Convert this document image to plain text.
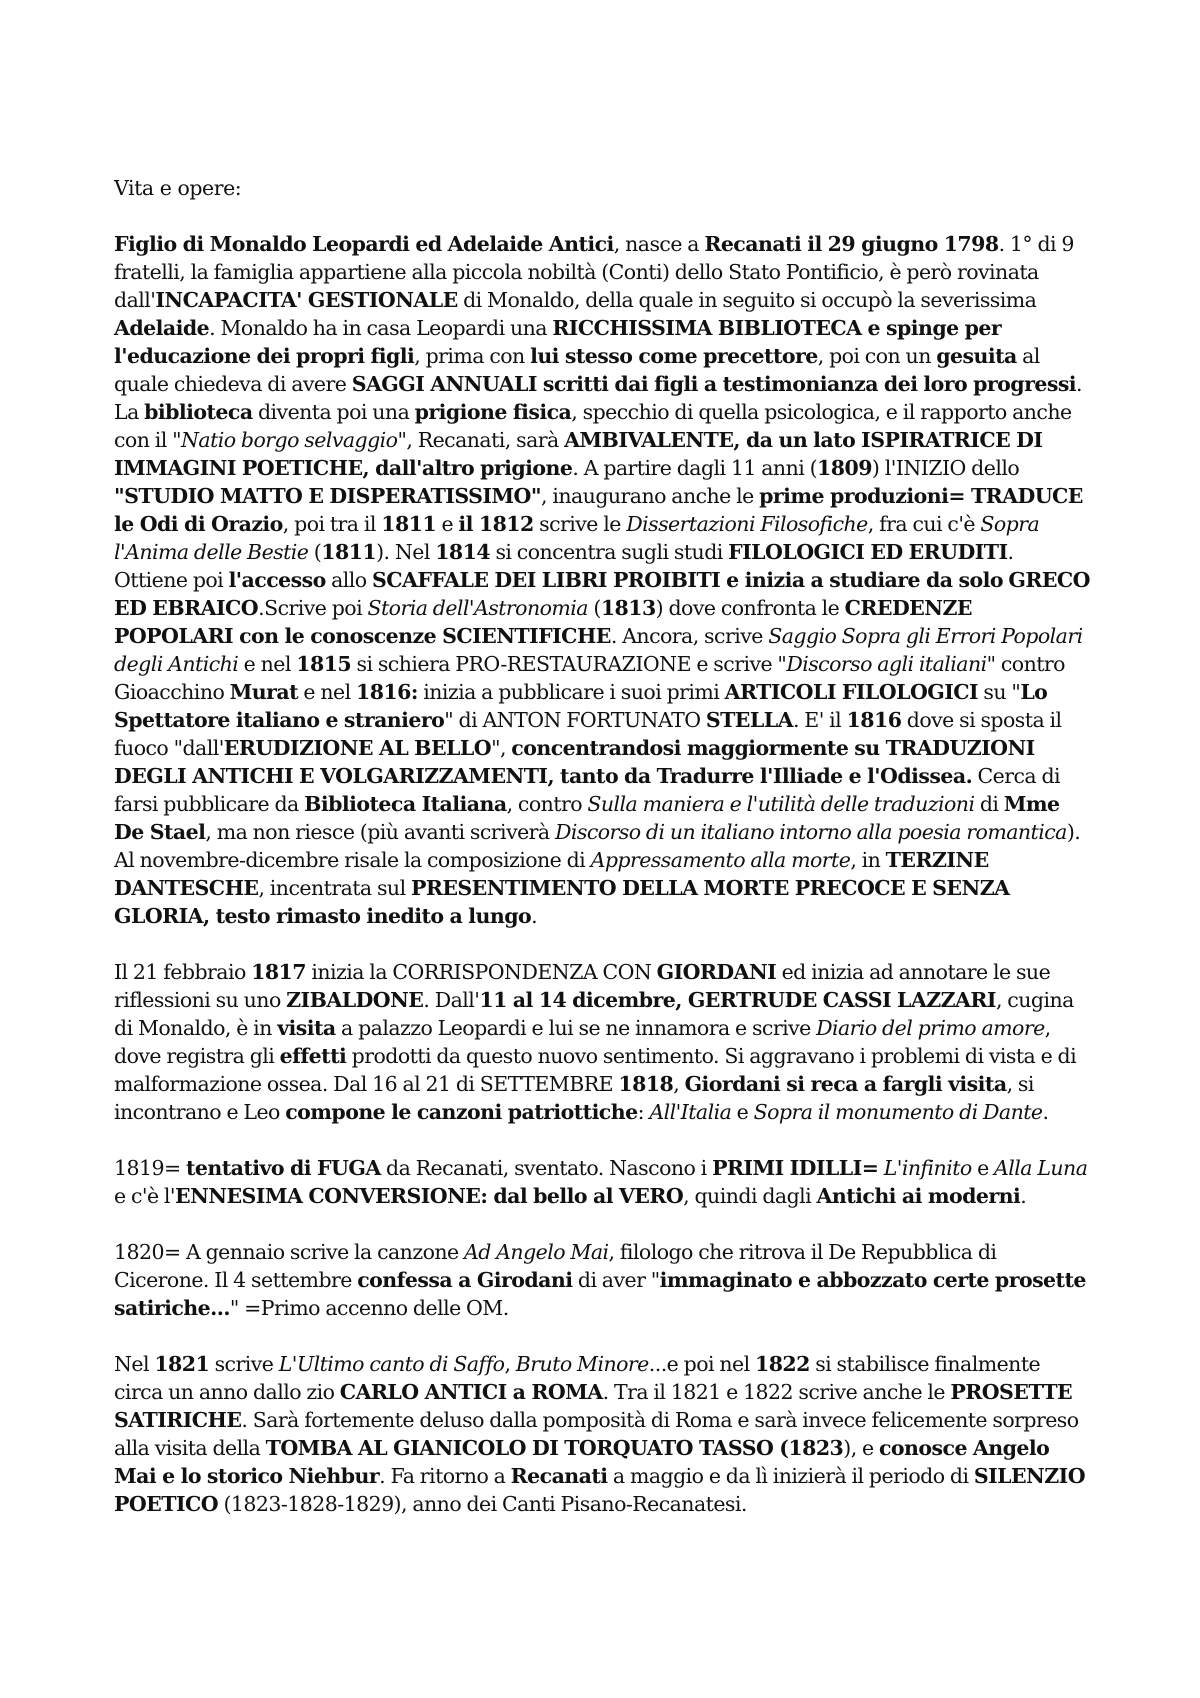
Vita e opere:

Figlio di Monaldo Leopardi ed Adelaide Antici, nasce a Recanati il 29 giugno 1798. 1° di 9 fratelli, la famiglia appartiene alla piccola nobiltà (Conti) dello Stato Pontificio, è però rovinata dall'INCAPACITA' GESTIONALE di Monaldo, della quale in seguito si occupò la severissima Adelaide. Monaldo ha in casa Leopardi una RICCHISSIMA BIBLIOTECA e spinge per l'educazione dei propri figli, prima con lui stesso come precettore, poi con un gesuita al quale chiedeva di avere SAGGI ANNUALI scritti dai figli a testimonianza dei loro progressi. La biblioteca diventa poi una prigione fisica, specchio di quella psicologica, e il rapporto anche con il "Natio borgo selvaggio", Recanati, sarà AMBIVALENTE, da un lato ISPIRATRICE DI IMMAGINI POETICHE, dall'altro prigione. A partire dagli 11 anni (1809) l'INIZIO dello "STUDIO MATTO E DISPERATISSIMO", inaugurano anche le prime produzioni= TRADUCE le Odi di Orazio, poi tra il 1811 e il 1812 scrive le Dissertazioni Filosofiche, fra cui c'è Sopra l'Anima delle Bestie (1811). Nel 1814 si concentra sugli studi FILOLOGICI ED ERUDITI. Ottiene poi l'accesso allo SCAFFALE DEI LIBRI PROIBITI e inizia a studiare da solo GRECO ED EBRAICO.Scrive poi Storia dell'Astronomia (1813) dove confronta le CREDENZE POPOLARI con le conoscenze SCIENTIFICHE. Ancora, scrive Saggio Sopra gli Errori Popolari degli Antichi e nel 1815 si schiera PRO-RESTAURAZIONE e scrive "Discorso agli italiani" contro Gioacchino Murat e nel 1816: inizia a pubblicare i suoi primi ARTICOLI FILOLOGICI su "Lo Spettatore italiano e straniero" di ANTON FORTUNATO STELLA. E' il 1816 dove si sposta il fuoco "dall'ERUDIZIONE AL BELLO", concentrandosi maggiormente su TRADUZIONI DEGLI ANTICHI E VOLGARIZZAMENTI, tanto da Tradurre l'Illiade e l'Odissea. Cerca di farsi pubblicare da Biblioteca Italiana, contro Sulla maniera e l'utilità delle traduzioni di Mme De Stael, ma non riesce (più avanti scriverà Discorso di un italiano intorno alla poesia romantica). Al novembre-dicembre risale la composizione di Appressamento alla morte, in TERZINE DANTESCHE, incentrata sul PRESENTIMENTO DELLA MORTE PRECOCE E SENZA GLORIA, testo rimasto inedito a lungo.

Il 21 febbraio 1817 inizia la CORRISPONDENZA CON GIORDANI ed inizia ad annotare le sue riflessioni su uno ZIBALDONE. Dall'11 al 14 dicembre, GERTRUDE CASSI LAZZARI, cugina di Monaldo, è in visita a palazzo Leopardi e lui se ne innamora e scrive Diario del primo amore, dove registra gli effetti prodotti da questo nuovo sentimento. Si aggravano i problemi di vista e di malformazione ossea. Dal 16 al 21 di SETTEMBRE 1818, Giordani si reca a fargli visita, si incontrano e Leo compone le canzoni patriottiche: All'Italia e Sopra il monumento di Dante.

1819= tentativo di FUGA da Recanati, sventato. Nascono i PRIMI IDILLI= L'infinito e Alla Luna e c'è l'ENNESIMA CONVERSIONE: dal bello al VERO, quindi dagli Antichi ai moderni.

1820= A gennaio scrive la canzone Ad Angelo Mai, filologo che ritrova il De Repubblica di Cicerone. Il 4 settembre confessa a Girodani di aver "immaginato e abbozzato certe prosette satiriche..." =Primo accenno delle OM.

Nel 1821 scrive L'Ultimo canto di Saffo, Bruto Minore...e poi nel 1822 si stabilisce finalmente circa un anno dallo zio CARLO ANTICI a ROMA. Tra il 1821 e 1822 scrive anche le PROSETTE SATIRICHE. Sarà fortemente deluso dalla pomposità di Roma e sarà invece felicemente sorpreso alla visita della TOMBA AL GIANICOLO DI TORQUATO TASSO (1823), e conosce Angelo Mai e lo storico Niehbur. Fa ritorno a Recanati a maggio e da lì inizierà il periodo di SILENZIO POETICO (1823-1828-1829), anno dei Canti Pisano-Recanatesi.
